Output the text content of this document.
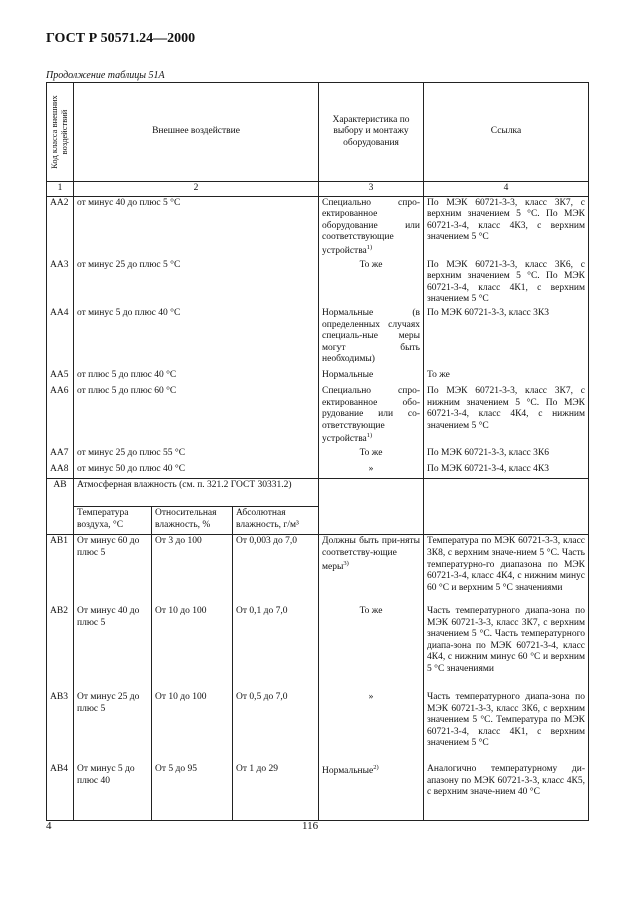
ГОСТ Р 50571.24—2000
Продолжение таблицы 51А
Код класса внешних воздействий	Внешнее воздействие			Характеристика по выбору и монтажу оборудования	Ссылка
1	2			3	4
AA2	от минус 40 до плюс 5 °С			Специально спро-ектированное оборудование или соответствующие устройства$^{1)}$	По МЭК 60721-3-3, класс 3К7, с верхним значением 5 °С. По МЭК 60721-3-4, класс 4К3, с верхним значением 5 °С
AA3	от минус 25 до плюс 5 °С			То же	По МЭК 60721-3-3, класс 3К6, с верхним значением 5 °С. По МЭК 60721-3-4, класс 4К1, с верхним значением 5 °С
AA4	от минус 5 до плюс 40 °С			Нормальные (в определенных случаях специаль-ные меры могут быть необходимы)	По МЭК 60721-3-3, класс 3К3
AA5	от плюс 5 до плюс 40 °С			Нормальные	То же
AA6	от плюс 5 до плюс 60 °С			Специально спро-ектированное обо-рудование или со-ответствующие устройства$^{1)}$	По МЭК 60721-3-3, класс 3К7, с нижним значением 5 °С. По МЭК 60721-3-4, класс 4К4, с нижним значением 5 °С
AA7	от минус 25 до плюс 55 °С			То же	По МЭК 60721-3-3, класс 3К6
AA8	от минус 50 до плюс 40 °С			»	По МЭК 60721-3-4, класс 4К3
AB	Атмосферная влажность (см. п. 321.2 ГОСТ 30331.2)				
	Температура воздуха, °С	Относительная влажность, %	Абсолютная влажность, г/м³		
AB1	От минус 60 до плюс 5	От 3 до 100	От 0,003 до 7,0	Должны быть при-няты соответству-ющие меры$^{3)}$	Температура по МЭК 60721-3-3, класс 3К8, с верхним значе-нием 5 °С. Часть температурно-го диапазона по МЭК 60721-3-4, класс 4К4, с нижним минус 60 °С и верхним 5 °С значениями
AB2	От минус 40 до плюс 5	От 10 до 100	От 0,1 до 7,0	То же	Часть температурного диапа-зона по МЭК 60721-3-3, класс 3К7, с верхним значением 5 °С. Часть температурного диапа-зона по МЭК 60721-3-4, класс 4К4, с нижним минус 60 °С и верхним 5 °С значениями
AB3	От минус 25 до плюс 5	От 10 до 100	От 0,5 до 7,0	»	Часть температурного диапа-зона по МЭК 60721-3-3, класс 3К6, с верхним значением 5 °С. Температура по МЭК 60721-3-4, класс 4К1, с верхним значением 5 °С
AB4	От минус 5 до плюс 40	От 5 до 95	От 1 до 29	Нормальные$^{2)}$	Аналогично температурному ди-апазону по МЭК 60721-3-3, класс 4К5, с верхним значе-нием 40 °С
4	116
